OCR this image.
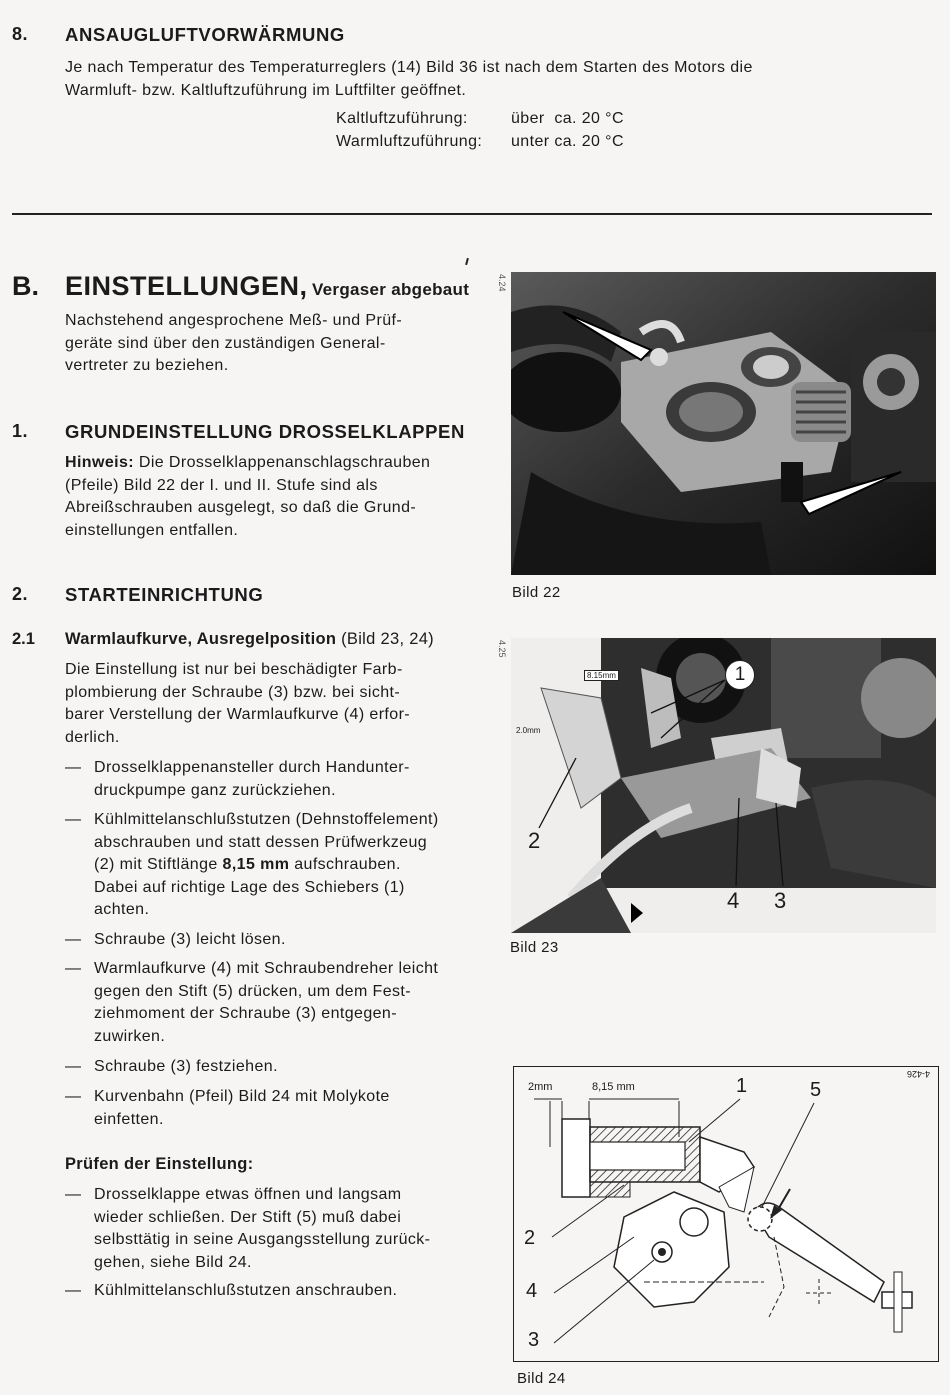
8. ANSAUGLUFTVORWÄRMUNG
Je nach Temperatur des Temperaturreglers (14) Bild 36 ist nach dem Starten des Motors die
Warmluft- bzw. Kaltluftzuführung im Luftfilter geöffnet.
Kaltluftzuführung:	über  ca. 20 °C
Warmluftzuführung: unter ca. 20 °C
B. EINSTELLUNGEN, Vergaser abgebaut
Nachstehend angesprochene Meß- und Prüf-
geräte sind über den zuständigen General-
vertreter zu beziehen.
1. GRUNDEINSTELLUNG DROSSELKLAPPEN
Hinweis: Die Drosselklappenanschlagschrauben
(Pfeile) Bild 22 der I. und II. Stufe sind als
Abreißschrauben ausgelegt, so daß die Grund-
einstellungen entfallen.
2. STARTEINRICHTUNG
2.1 Warmlaufkurve, Ausregelposition (Bild 23, 24)
Die Einstellung ist nur bei beschädigter Farb-
plombierung der Schraube (3) bzw. bei sicht-
barer Verstellung der Warmlaufkurve (4) erfor-
derlich.
— Drosselklappenansteller durch Handunter-
druckpumpe ganz zurückziehen.
— Kühlmittelanschlußstutzen (Dehnstoffelement)
abschrauben und statt dessen Prüfwerkzeug
(2) mit Stiftlänge 8,15 mm aufschrauben.
Dabei auf richtige Lage des Schiebers (1)
achten.
— Schraube (3) leicht lösen.
— Warmlaufkurve (4) mit Schraubendreher leicht
gegen den Stift (5) drücken, um dem Fest-
ziehmoment der Schraube (3) entgegen-
zuwirken.
— Schraube (3) festziehen.
— Kurvenbahn (Pfeil) Bild 24 mit Molykote
einfetten.
Prüfen der Einstellung:
— Drosselklappe etwas öffnen und langsam
wieder schließen. Der Stift (5) muß dabei
selbsttätig in seine Ausgangsstellung zurück-
gehen, siehe Bild 24.
— Kühlmittelanschlußstutzen anschrauben.
4.24
Bild 22
4.25
8.15mm
2.0mm
1
2
4 3
Bild 23
4-426
2mm	8,15 mm	1	5
2
4
3
Bild 24
